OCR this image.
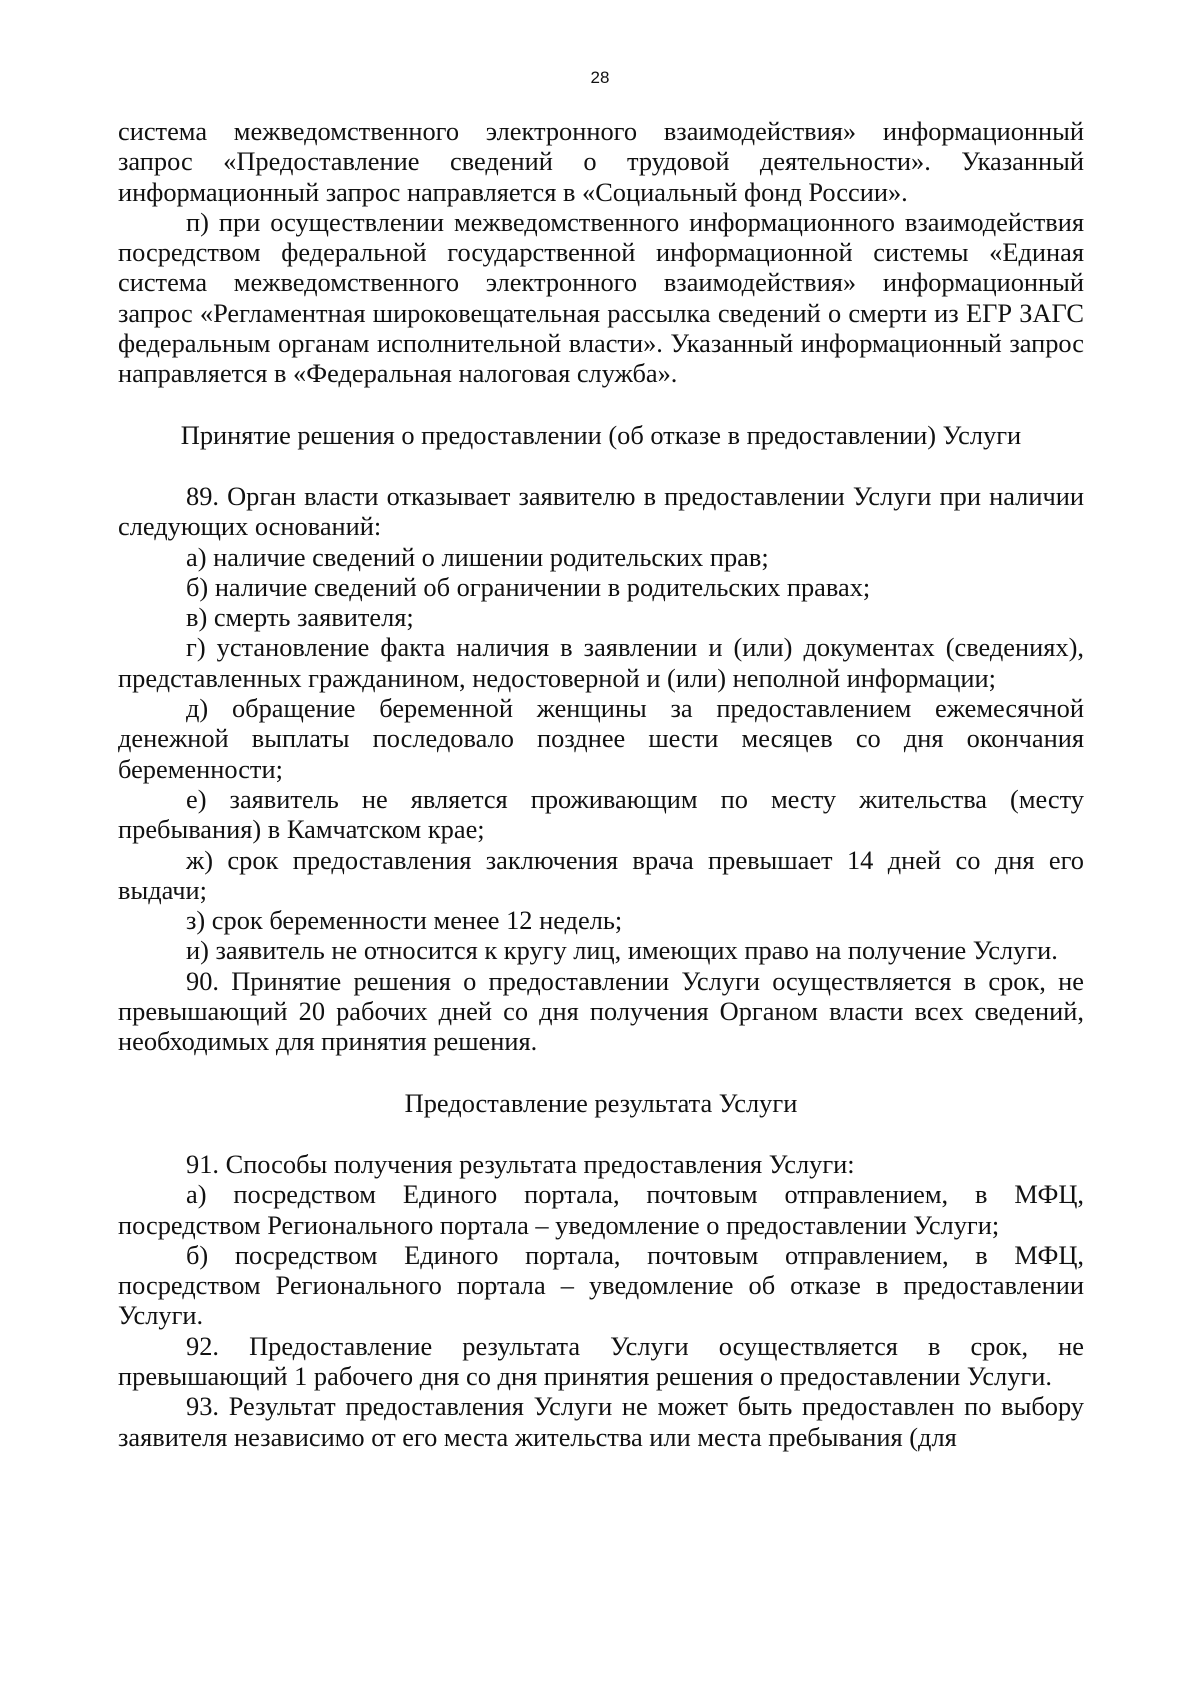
28

система межведомственного электронного взаимодействия» информационный запрос «Предоставление сведений о трудовой деятельности». Указанный информационный запрос направляется в «Социальный фонд России».

п) при осуществлении межведомственного информационного взаимодействия посредством федеральной государственной информационной системы «Единая система межведомственного электронного взаимодействия» информационный запрос «Регламентная широковещательная рассылка сведений о смерти из ЕГР ЗАГС федеральным органам исполнительной власти». Указанный информационный запрос направляется в «Федеральная налоговая служба».

Принятие решения о предоставлении (об отказе в предоставлении) Услуги

89. Орган власти отказывает заявителю в предоставлении Услуги при наличии следующих оснований:

а) наличие сведений о лишении родительских прав;

б) наличие сведений об ограничении в родительских правах;

в) смерть заявителя;

г) установление факта наличия в заявлении и (или) документах (сведениях), представленных гражданином, недостоверной и (или) неполной информации;

д) обращение беременной женщины за предоставлением ежемесячной денежной выплаты последовало позднее шести месяцев со дня окончания беременности;

е) заявитель не является проживающим по месту жительства (месту пребывания) в Камчатском крае;

ж) срок предоставления заключения врача превышает 14 дней со дня его выдачи;

з) срок беременности менее 12 недель;

и) заявитель не относится к кругу лиц, имеющих право на получение Услуги.

90. Принятие решения о предоставлении Услуги осуществляется в срок, не превышающий 20 рабочих дней со дня получения Органом власти всех сведений, необходимых для принятия решения.

Предоставление результата Услуги

91. Способы получения результата предоставления Услуги:

а) посредством Единого портала, почтовым отправлением, в МФЦ, посредством Регионального портала – уведомление о предоставлении Услуги;

б) посредством Единого портала, почтовым отправлением, в МФЦ, посредством Регионального портала – уведомление об отказе в предоставлении Услуги.

92. Предоставление результата Услуги осуществляется в срок, не превышающий 1 рабочего дня со дня принятия решения о предоставлении Услуги.

93. Результат предоставления Услуги не может быть предоставлен по выбору заявителя независимо от его места жительства или места пребывания (для
